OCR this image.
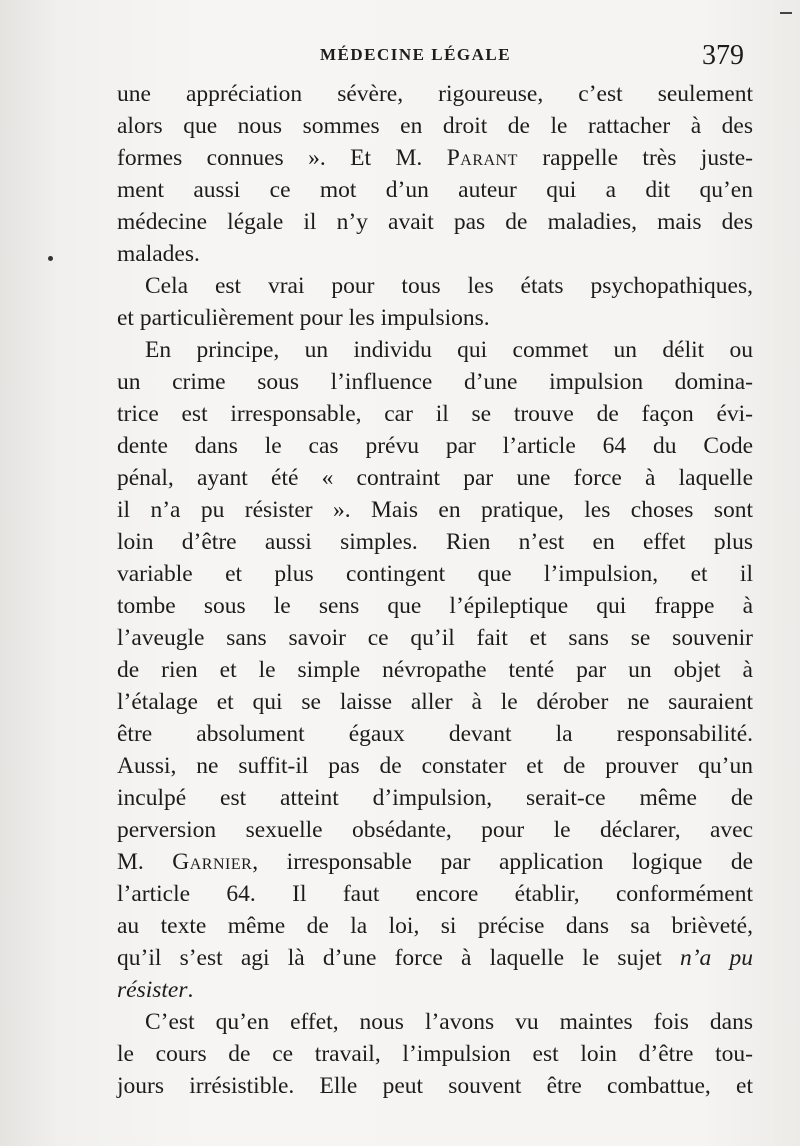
MÉDECINE LÉGALE	379
une appréciation sévère, rigoureuse, c’est seulement
alors que nous sommes en droit de le rattacher à des
formes connues ». Et M. Parant rappelle très juste-
ment aussi ce mot d’un auteur qui a dit qu’en
médecine légale il n’y avait pas de maladies, mais des
malades.
Cela est vrai pour tous les états psychopathiques,
et particulièrement pour les impulsions.
En principe, un individu qui commet un délit ou
un crime sous l’influence d’une impulsion domina-
trice est irresponsable, car il se trouve de façon évi-
dente dans le cas prévu par l’article 64 du Code
pénal, ayant été « contraint par une force à laquelle
il n’a pu résister ». Mais en pratique, les choses sont
loin d’être aussi simples. Rien n’est en effet plus
variable et plus contingent que l’impulsion, et il
tombe sous le sens que l’épileptique qui frappe à
l’aveugle sans savoir ce qu’il fait et sans se souvenir
de rien et le simple névropathe tenté par un objet à
l’étalage et qui se laisse aller à le dérober ne sauraient
être absolument égaux devant la responsabilité.
Aussi, ne suffit-il pas de constater et de prouver qu’un
inculpé est atteint d’impulsion, serait-ce même de
perversion sexuelle obsédante, pour le déclarer, avec
M. Garnier, irresponsable par application logique de
l’article 64. Il faut encore établir, conformément
au texte même de la loi, si précise dans sa brièveté,
qu’il s’est agi là d’une force à laquelle le sujet n’a pu
résister.
C’est qu’en effet, nous l’avons vu maintes fois dans
le cours de ce travail, l’impulsion est loin d’être tou-
jours irrésistible. Elle peut souvent être combattue, et
